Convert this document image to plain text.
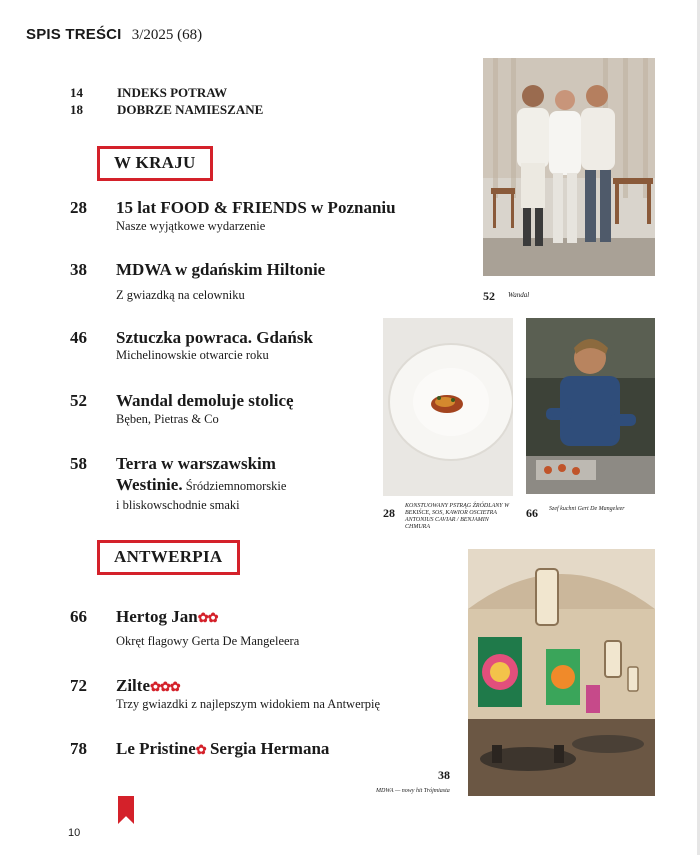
SPIS TREŚCI 3/2025 (68)
14	INDEKS POTRAW
18	DOBRZE NAMIESZANE
W KRAJU
28	15 lat FOOD & FRIENDS w Poznaniu
Nasze wyjątkowe wydarzenie
38	MDWA w gdańskim Hiltonie
Z gwiazdką na celowniku
46	Sztuczka powraca. Gdańsk
Michelinowskie otwarcie roku
52	Wandal demoluje stolicę
Bęben, Pietras & Co
58	Terra w warszawskim
Westinie. Śródziemnomorskie
i bliskowschodnie smaki
ANTWERPIA
66	Hertog Jan✿✿
Okręt flagowy Gerta De Mangeleera
72	Zilte✿✿✿
Trzy gwiazdki z najlepszym widokiem na Antwerpię
78	Le Pristine✿ Sergia Hermana
52 Wandal
28 KONSTUOWANY PSTRĄG ŹRÓDLANY W BEKIŚCE, SOS, KAWIOR OSCIETRA ANTONIUS CAVIAR / BENJAMIN CHMURA
66 Szef kuchni Gert De Mangeleer
38
MDWA — nowy hit Trójmiasta
10
